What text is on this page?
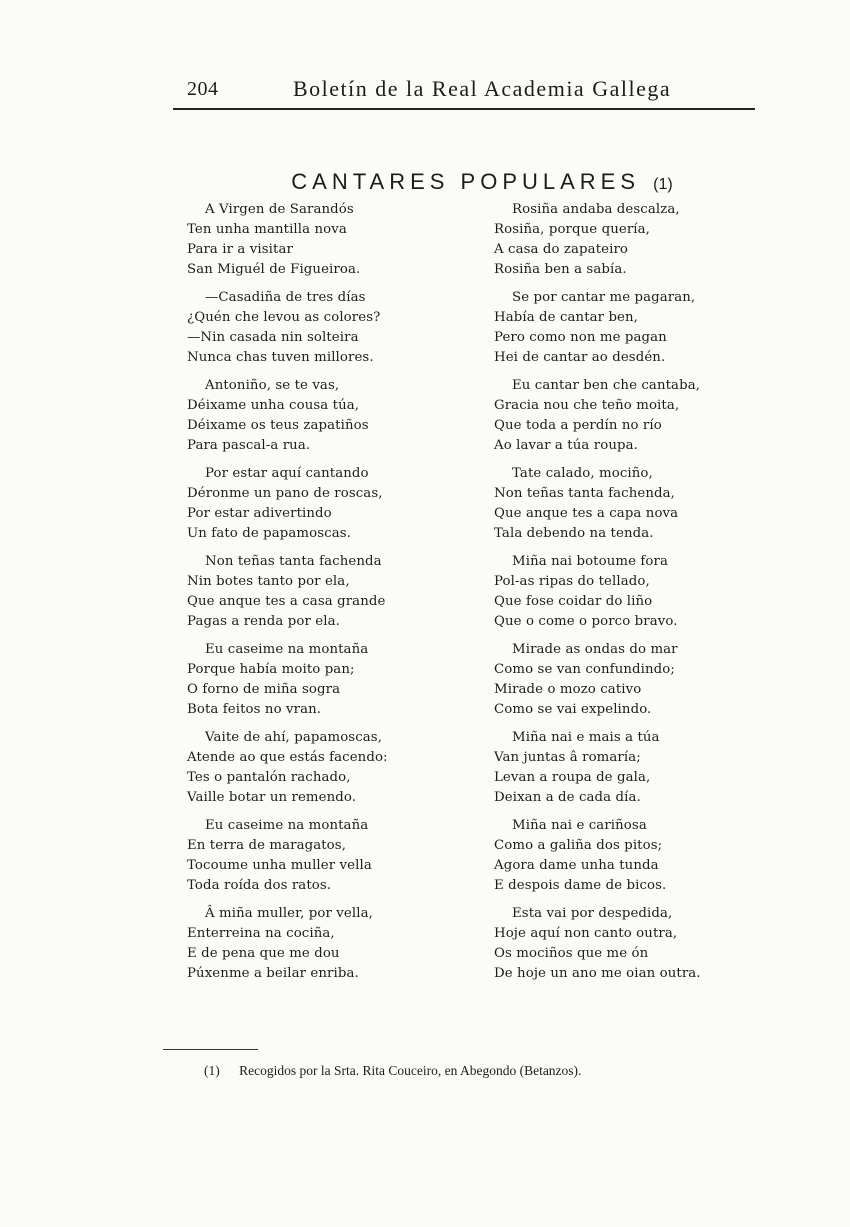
204	Boletín de la Real Academia Gallega
CANTARES POPULARES (1)
A Virgen de Sarandós
Ten unha mantilla nova
Para ir a visitar
San Miguél de Figueiroa.
—Casadiña de tres días
¿Quén che levou as colores?
—Nin casada nin solteira
Nunca chas tuven millores.
Antoniño, se te vas,
Déixame unha cousa túa,
Déixame os teus zapatiños
Para pascal-a rua.
Por estar aquí cantando
Déronme un pano de roscas,
Por estar adivertindo
Un fato de papamoscas.
Non teñas tanta fachenda
Nin botes tanto por ela,
Que anque tes a casa grande
Pagas a renda por ela.
Eu caseime na montaña
Porque había moito pan;
O forno de miña sogra
Bota feitos no vran.
Vaite de ahí, papamoscas,
Atende ao que estás facendo:
Tes o pantalón rachado,
Vaille botar un remendo.
Eu caseime na montaña
En terra de maragatos,
Tocoume unha muller vella
Toda roída dos ratos.
Â miña muller, por vella,
Enterreina na cociña,
E de pena que me dou
Púxenme a beilar enriba.
Rosiña andaba descalza,
Rosiña, porque quería,
A casa do zapateiro
Rosiña ben a sabía.
Se por cantar me pagaran,
Había de cantar ben,
Pero como non me pagan
Hei de cantar ao desdén.
Eu cantar ben che cantaba,
Gracia nou che teño moita,
Que toda a perdín no río
Ao lavar a túa roupa.
Tate calado, mociño,
Non teñas tanta fachenda,
Que anque tes a capa nova
Tala debendo na tenda.
Miña nai botoume fora
Pol-as ripas do tellado,
Que fose coidar do liño
Que o come o porco bravo.
Mirade as ondas do mar
Como se van confundindo;
Mirade o mozo cativo
Como se vai expelindo.
Miña nai e mais a túa
Van juntas â romaría;
Levan a roupa de gala,
Deixan a de cada día.
Miña nai e cariñosa
Como a galiña dos pitos;
Agora dame unha tunda
E despois dame de bicos.
Esta vai por despedida,
Hoje aquí non canto outra,
Os mociños que me ón
De hoje un ano me oian outra.
(1) Recogidos por la Srta. Rita Couceiro, en Abegondo (Betanzos).
